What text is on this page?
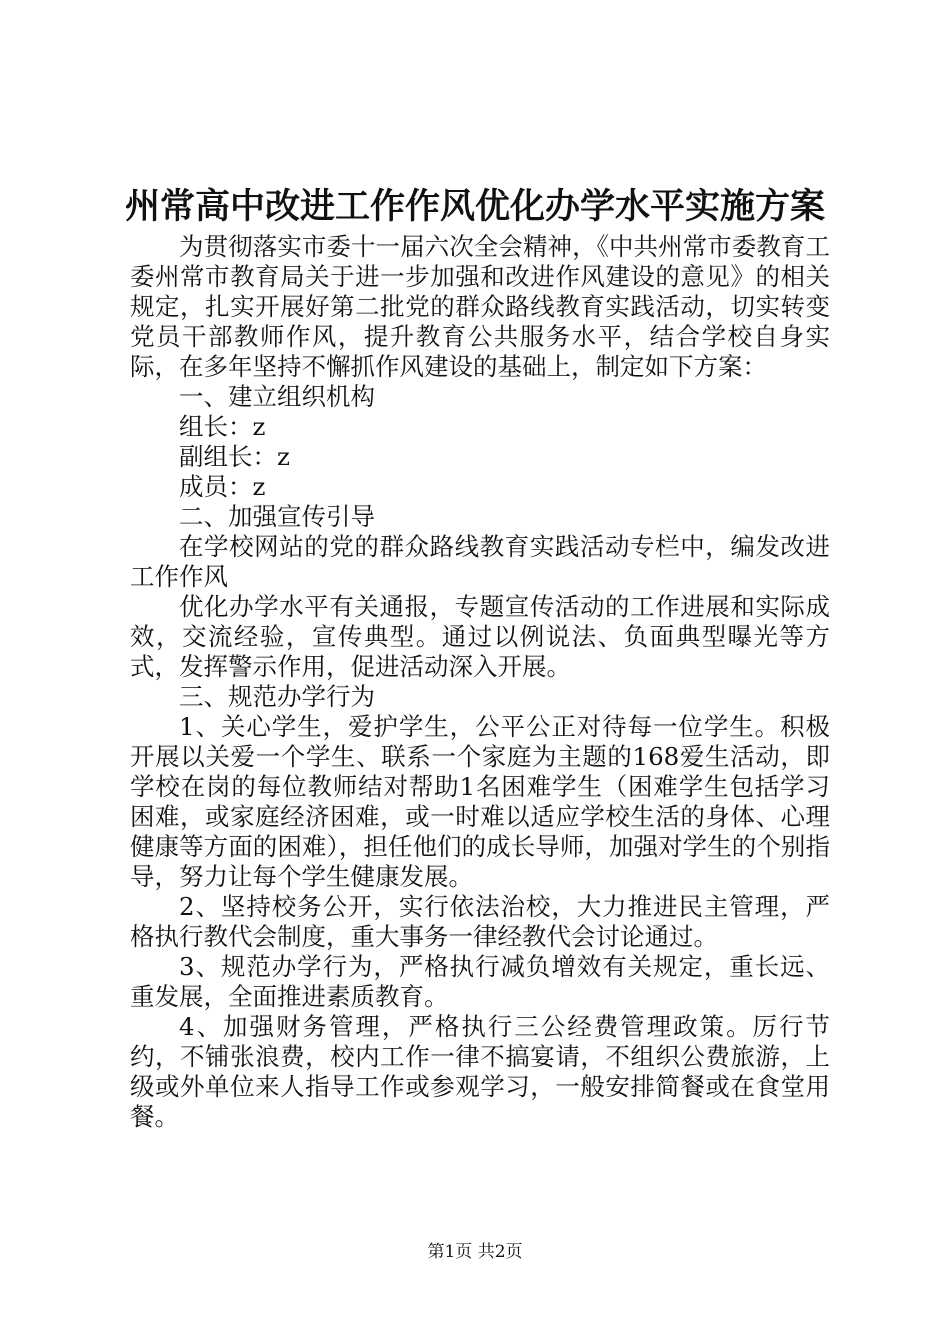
州常高中改进工作作风优化办学水平实施方案

为贯彻落实市委十一届六次全会精神，《中共州常市委教育工委州常市教育局关于进一步加强和改进作风建设的意见》的相关规定，扎实开展好第二批党的群众路线教育实践活动，切实转变党员干部教师作风，提升教育公共服务水平，结合学校自身实际，在多年坚持不懈抓作风建设的基础上，制定如下方案：

一、建立组织机构

组长：z

副组长：z

成员：z

二、加强宣传引导

在学校网站的党的群众路线教育实践活动专栏中，编发改进工作作风

优化办学水平有关通报，专题宣传活动的工作进展和实际成效，交流经验，宣传典型。通过以例说法、负面典型曝光等方式，发挥警示作用，促进活动深入开展。

三、规范办学行为

1、关心学生，爱护学生，公平公正对待每一位学生。积极开展以关爱一个学生、联系一个家庭为主题的168爱生活动，即学校在岗的每位教师结对帮助1名困难学生（困难学生包括学习困难，或家庭经济困难，或一时难以适应学校生活的身体、心理健康等方面的困难），担任他们的成长导师，加强对学生的个别指导，努力让每个学生健康发展。

2、坚持校务公开，实行依法治校，大力推进民主管理，严格执行教代会制度，重大事务一律经教代会讨论通过。

3、规范办学行为，严格执行减负增效有关规定，重长远、重发展，全面推进素质教育。

4、加强财务管理，严格执行三公经费管理政策。厉行节约，不铺张浪费，校内工作一律不搞宴请，不组织公费旅游，上级或外单位来人指导工作或参观学习，一般安排简餐或在食堂用餐。

第1页 共2页
